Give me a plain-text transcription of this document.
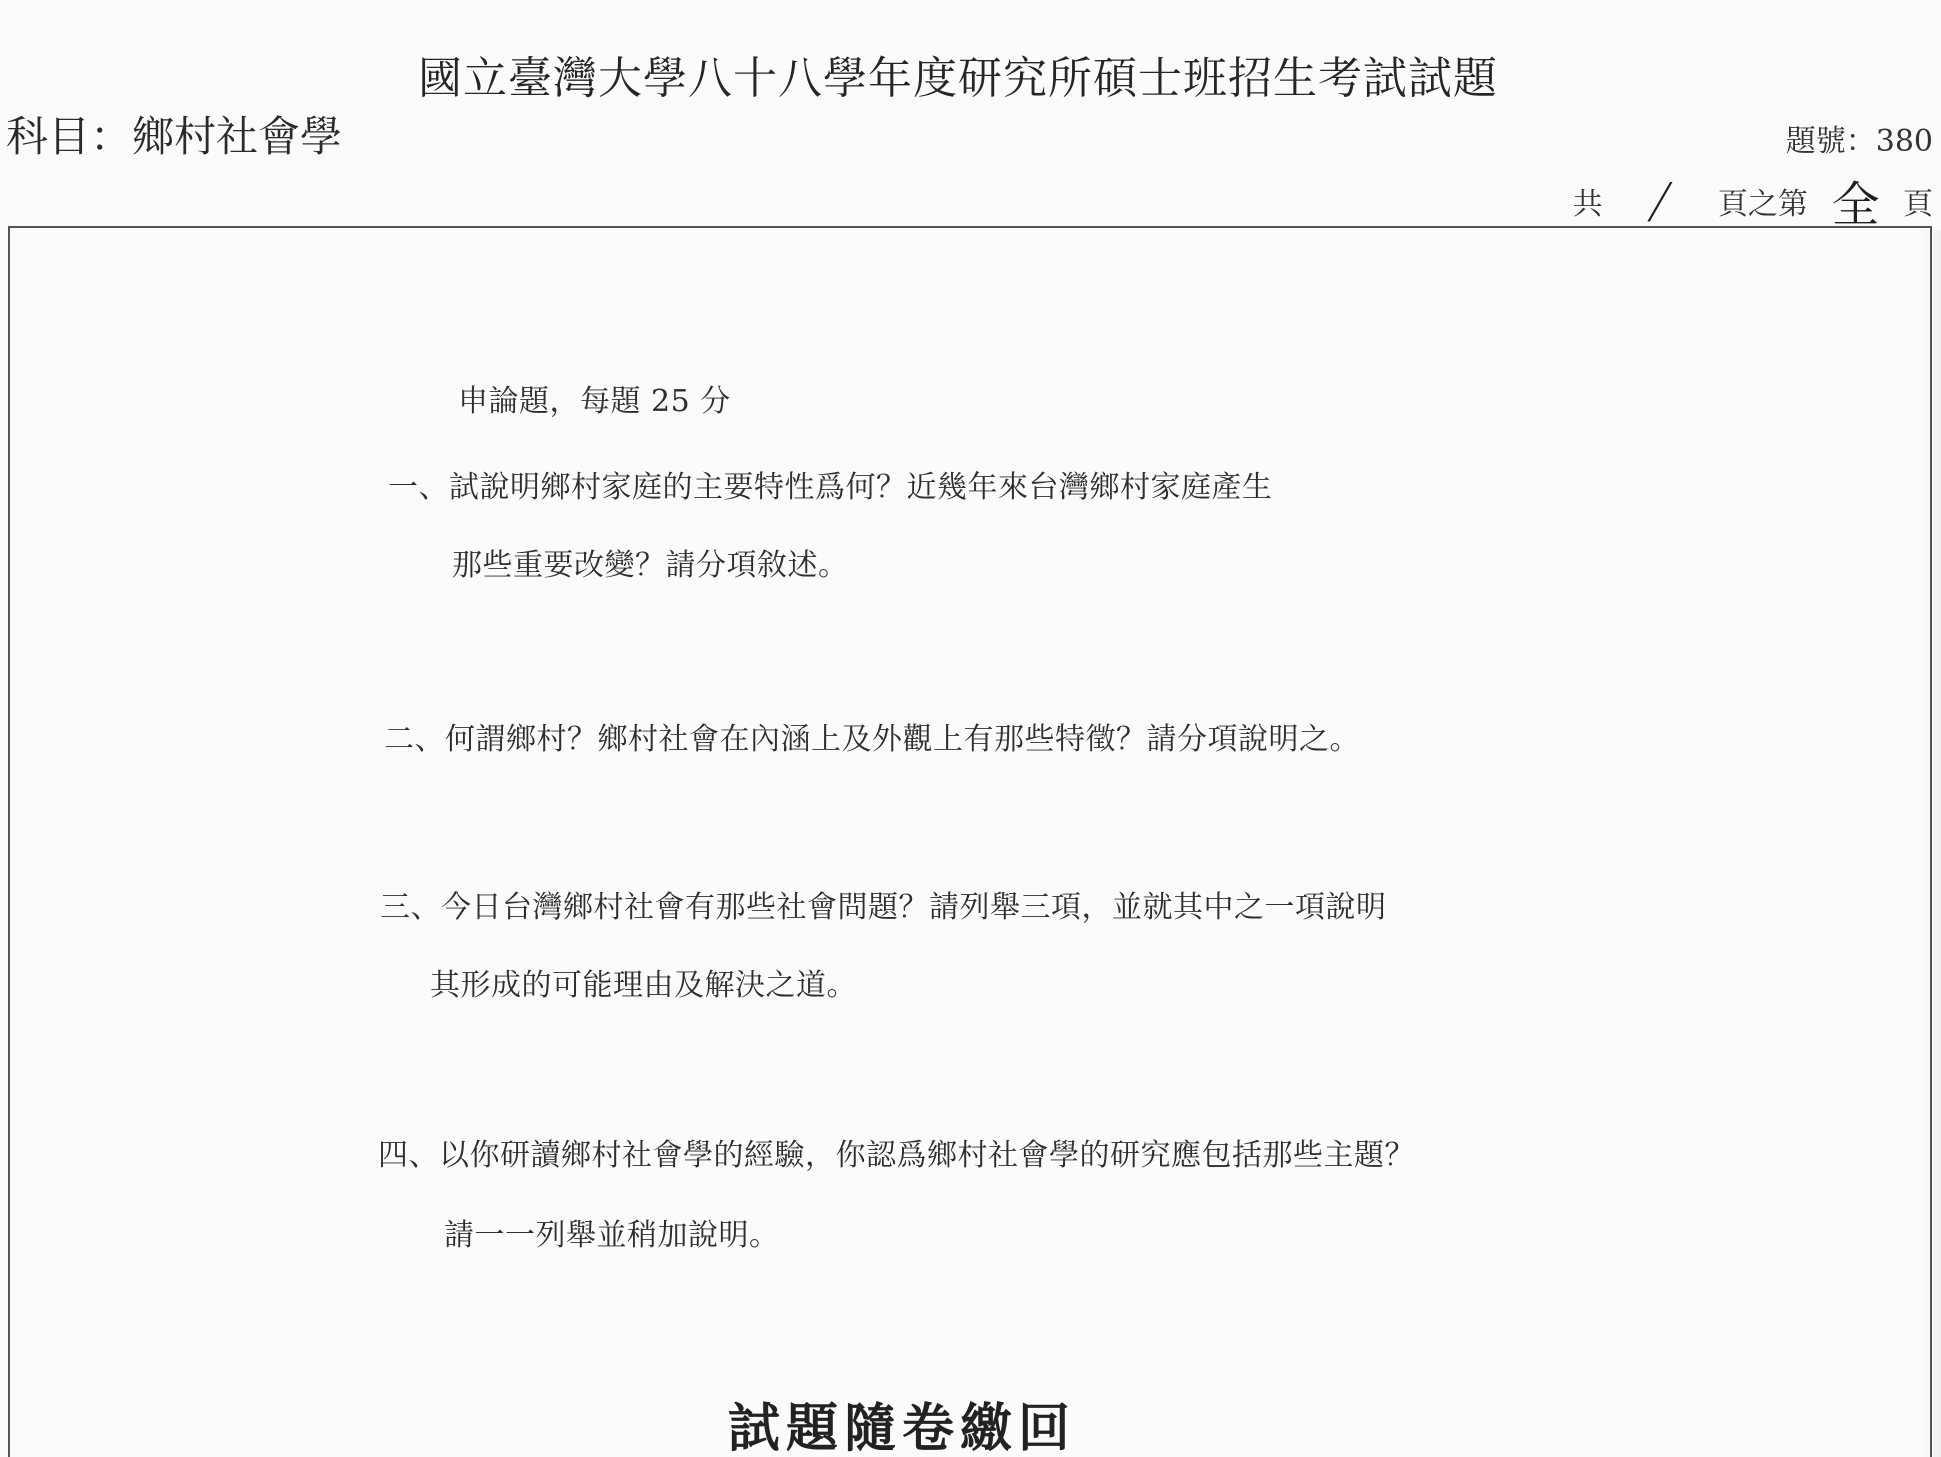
國立臺灣大學八十八學年度研究所碩士班招生考試試題
科目：鄉村社會學	題號：380
共 / 頁之第 全 頁
申論題，每題 25 分
一、試說明鄉村家庭的主要特性爲何？近幾年來台灣鄉村家庭產生
那些重要改變？請分項敘述。
二、何謂鄉村？鄉村社會在內涵上及外觀上有那些特徵？請分項說明之。
三、今日台灣鄉村社會有那些社會問題？請列舉三項，並就其中之一項說明
其形成的可能理由及解決之道。
四、以你研讀鄉村社會學的經驗，你認爲鄉村社會學的研究應包括那些主題？
請一一列舉並稍加說明。
試題隨卷繳回
